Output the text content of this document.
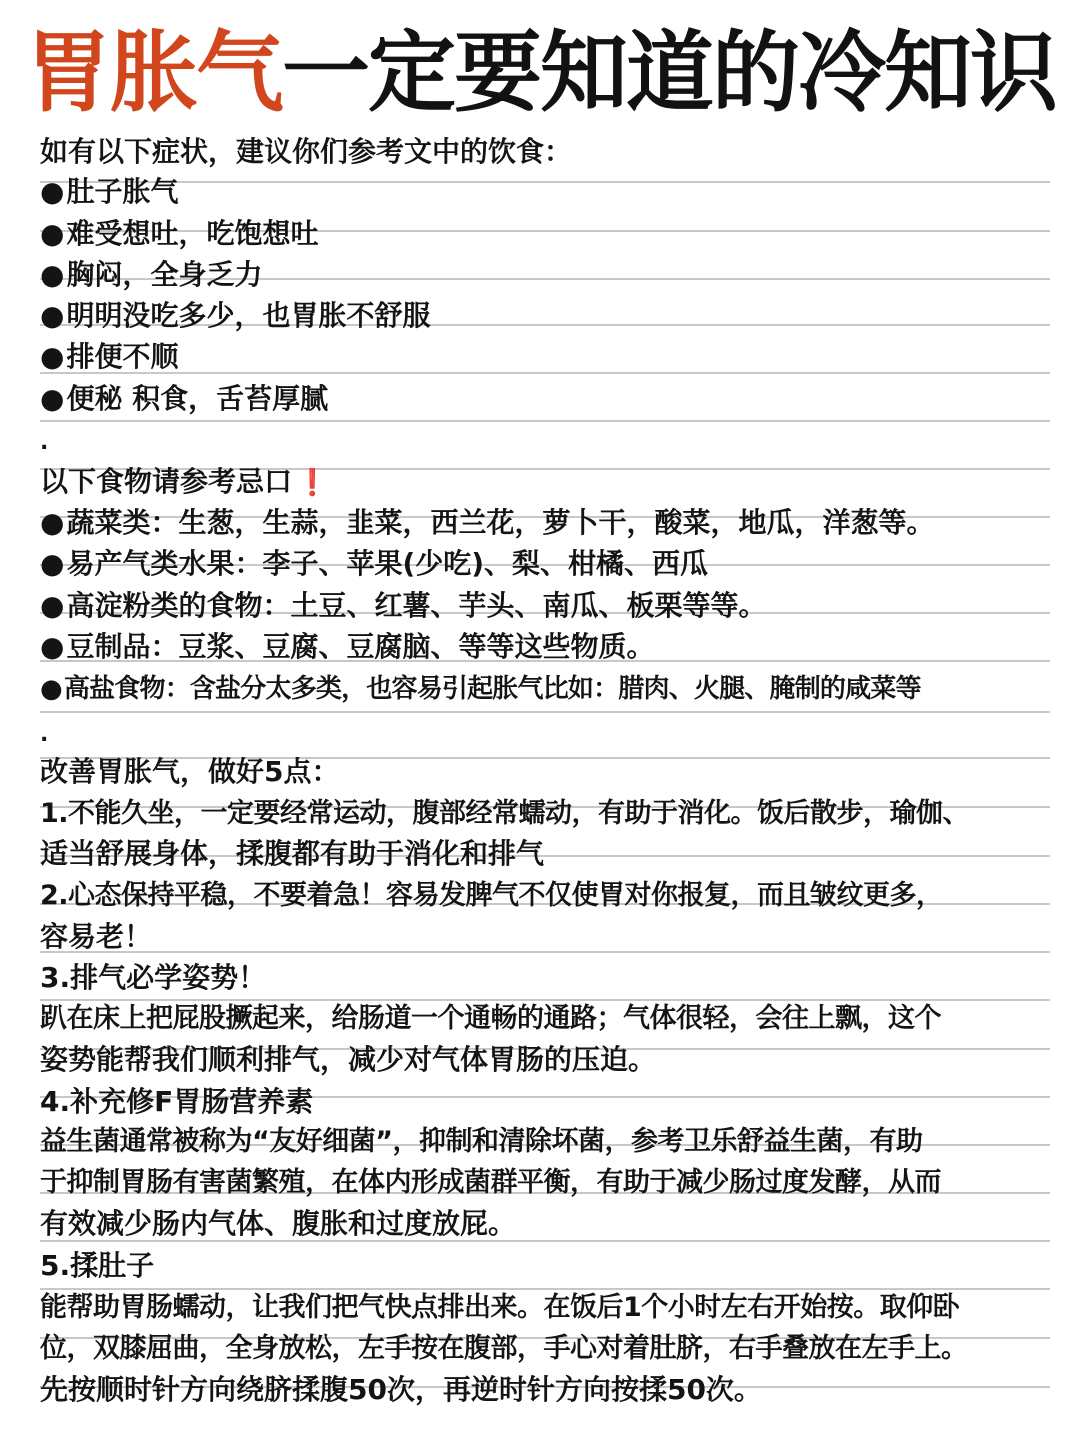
胃胀气一定要知道的冷知识
如有以下症状，建议你们参考文中的饮食：
●肚子胀气
●难受想吐，吃饱想吐
●胸闷，全身乏力
●明明没吃多少，也胃胀不舒服
●排便不顺
●便秘 积食，舌苔厚腻
.
以下食物请参考忌口 ❗
●蔬菜类：生葱，生蒜，韭菜，西兰花，萝卜干，酸菜，地瓜，洋葱等。
●易产气类水果：李子、苹果(少吃)、梨、柑橘、西瓜
●高淀粉类的食物：土豆、红薯、芋头、南瓜、板栗等等。
●豆制品：豆浆、豆腐、豆腐脑、等等这些物质。
●高盐食物：含盐分太多类，也容易引起胀气比如：腊肉、火腿、腌制的咸菜等
.
改善胃胀气，做好5点：
1.不能久坐，一定要经常运动，腹部经常蠕动，有助于消化。饭后散步，瑜伽、
适当舒展身体，揉腹都有助于消化和排气
2.心态保持平稳，不要着急！容易发脾气不仅使胃对你报复，而且皱纹更多，
容易老！
3.排气必学姿势！
趴在床上把屁股撅起来，给肠道一个通畅的通路；气体很轻，会往上飘，这个
姿势能帮我们顺利排气，减少对气体胃肠的压迫。
4.补充修F胃肠营养素
益生菌通常被称为“友好细菌”，抑制和清除坏菌，参考卫乐舒益生菌，有助
于抑制胃肠有害菌繁殖，在体内形成菌群平衡，有助于减少肠过度发酵，从而
有效减少肠内气体、腹胀和过度放屁。
5.揉肚子
能帮助胃肠蠕动，让我们把气快点排出来。在饭后1个小时左右开始按。取仰卧
位，双膝屈曲，全身放松，左手按在腹部，手心对着肚脐，右手叠放在左手上。
先按顺时针方向绕脐揉腹50次，再逆时针方向按揉50次。
